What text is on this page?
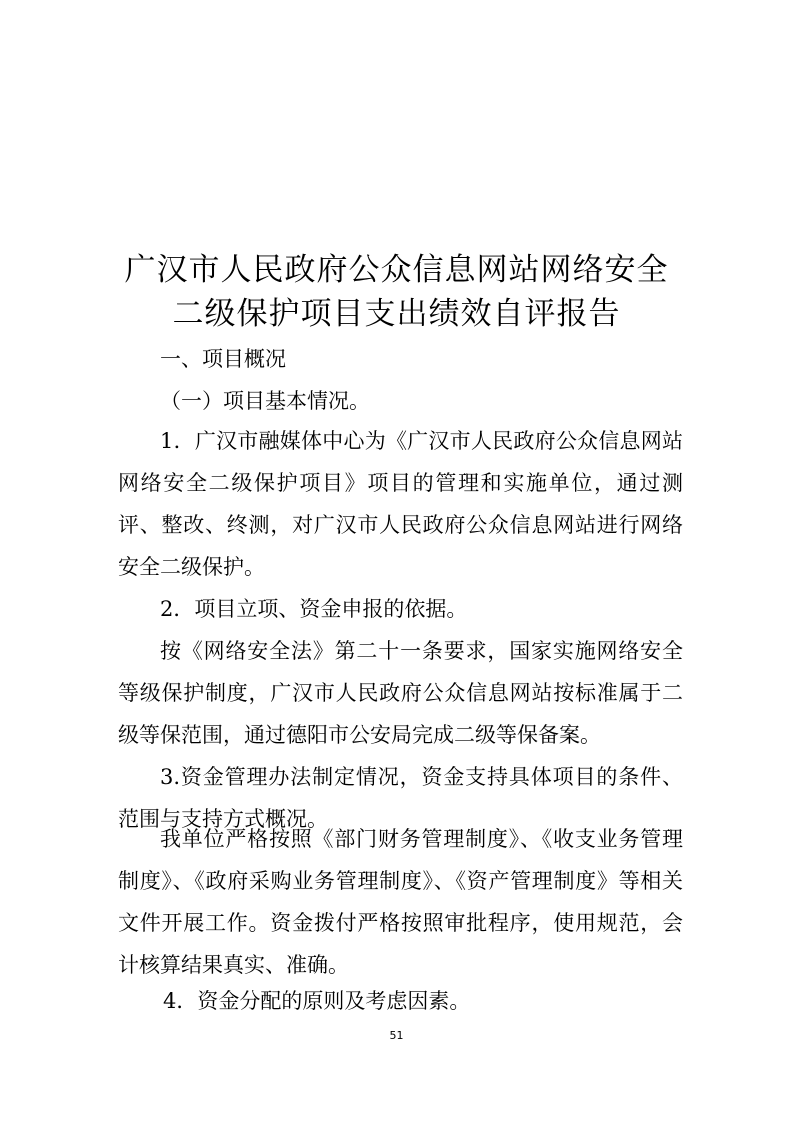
广汉市人民政府公众信息网站网络安全
二级保护项目支出绩效自评报告
一、项目概况
（一）项目基本情况。
1．广汉市融媒体中心为《广汉市人民政府公众信息网站网络安全二级保护项目》项目的管理和实施单位，通过测评、整改、终测，对广汉市人民政府公众信息网站进行网络安全二级保护。
2．项目立项、资金申报的依据。
按《网络安全法》第二十一条要求，国家实施网络安全等级保护制度，广汉市人民政府公众信息网站按标准属于二级等保范围，通过德阳市公安局完成二级等保备案。
3.资金管理办法制定情况，资金支持具体项目的条件、范围与支持方式概况。
我单位严格按照《部门财务管理制度》、《收支业务管理制度》、《政府采购业务管理制度》、《资产管理制度》等相关文件开展工作。资金拨付严格按照审批程序，使用规范，会计核算结果真实、准确。
4．资金分配的原则及考虑因素。
51
